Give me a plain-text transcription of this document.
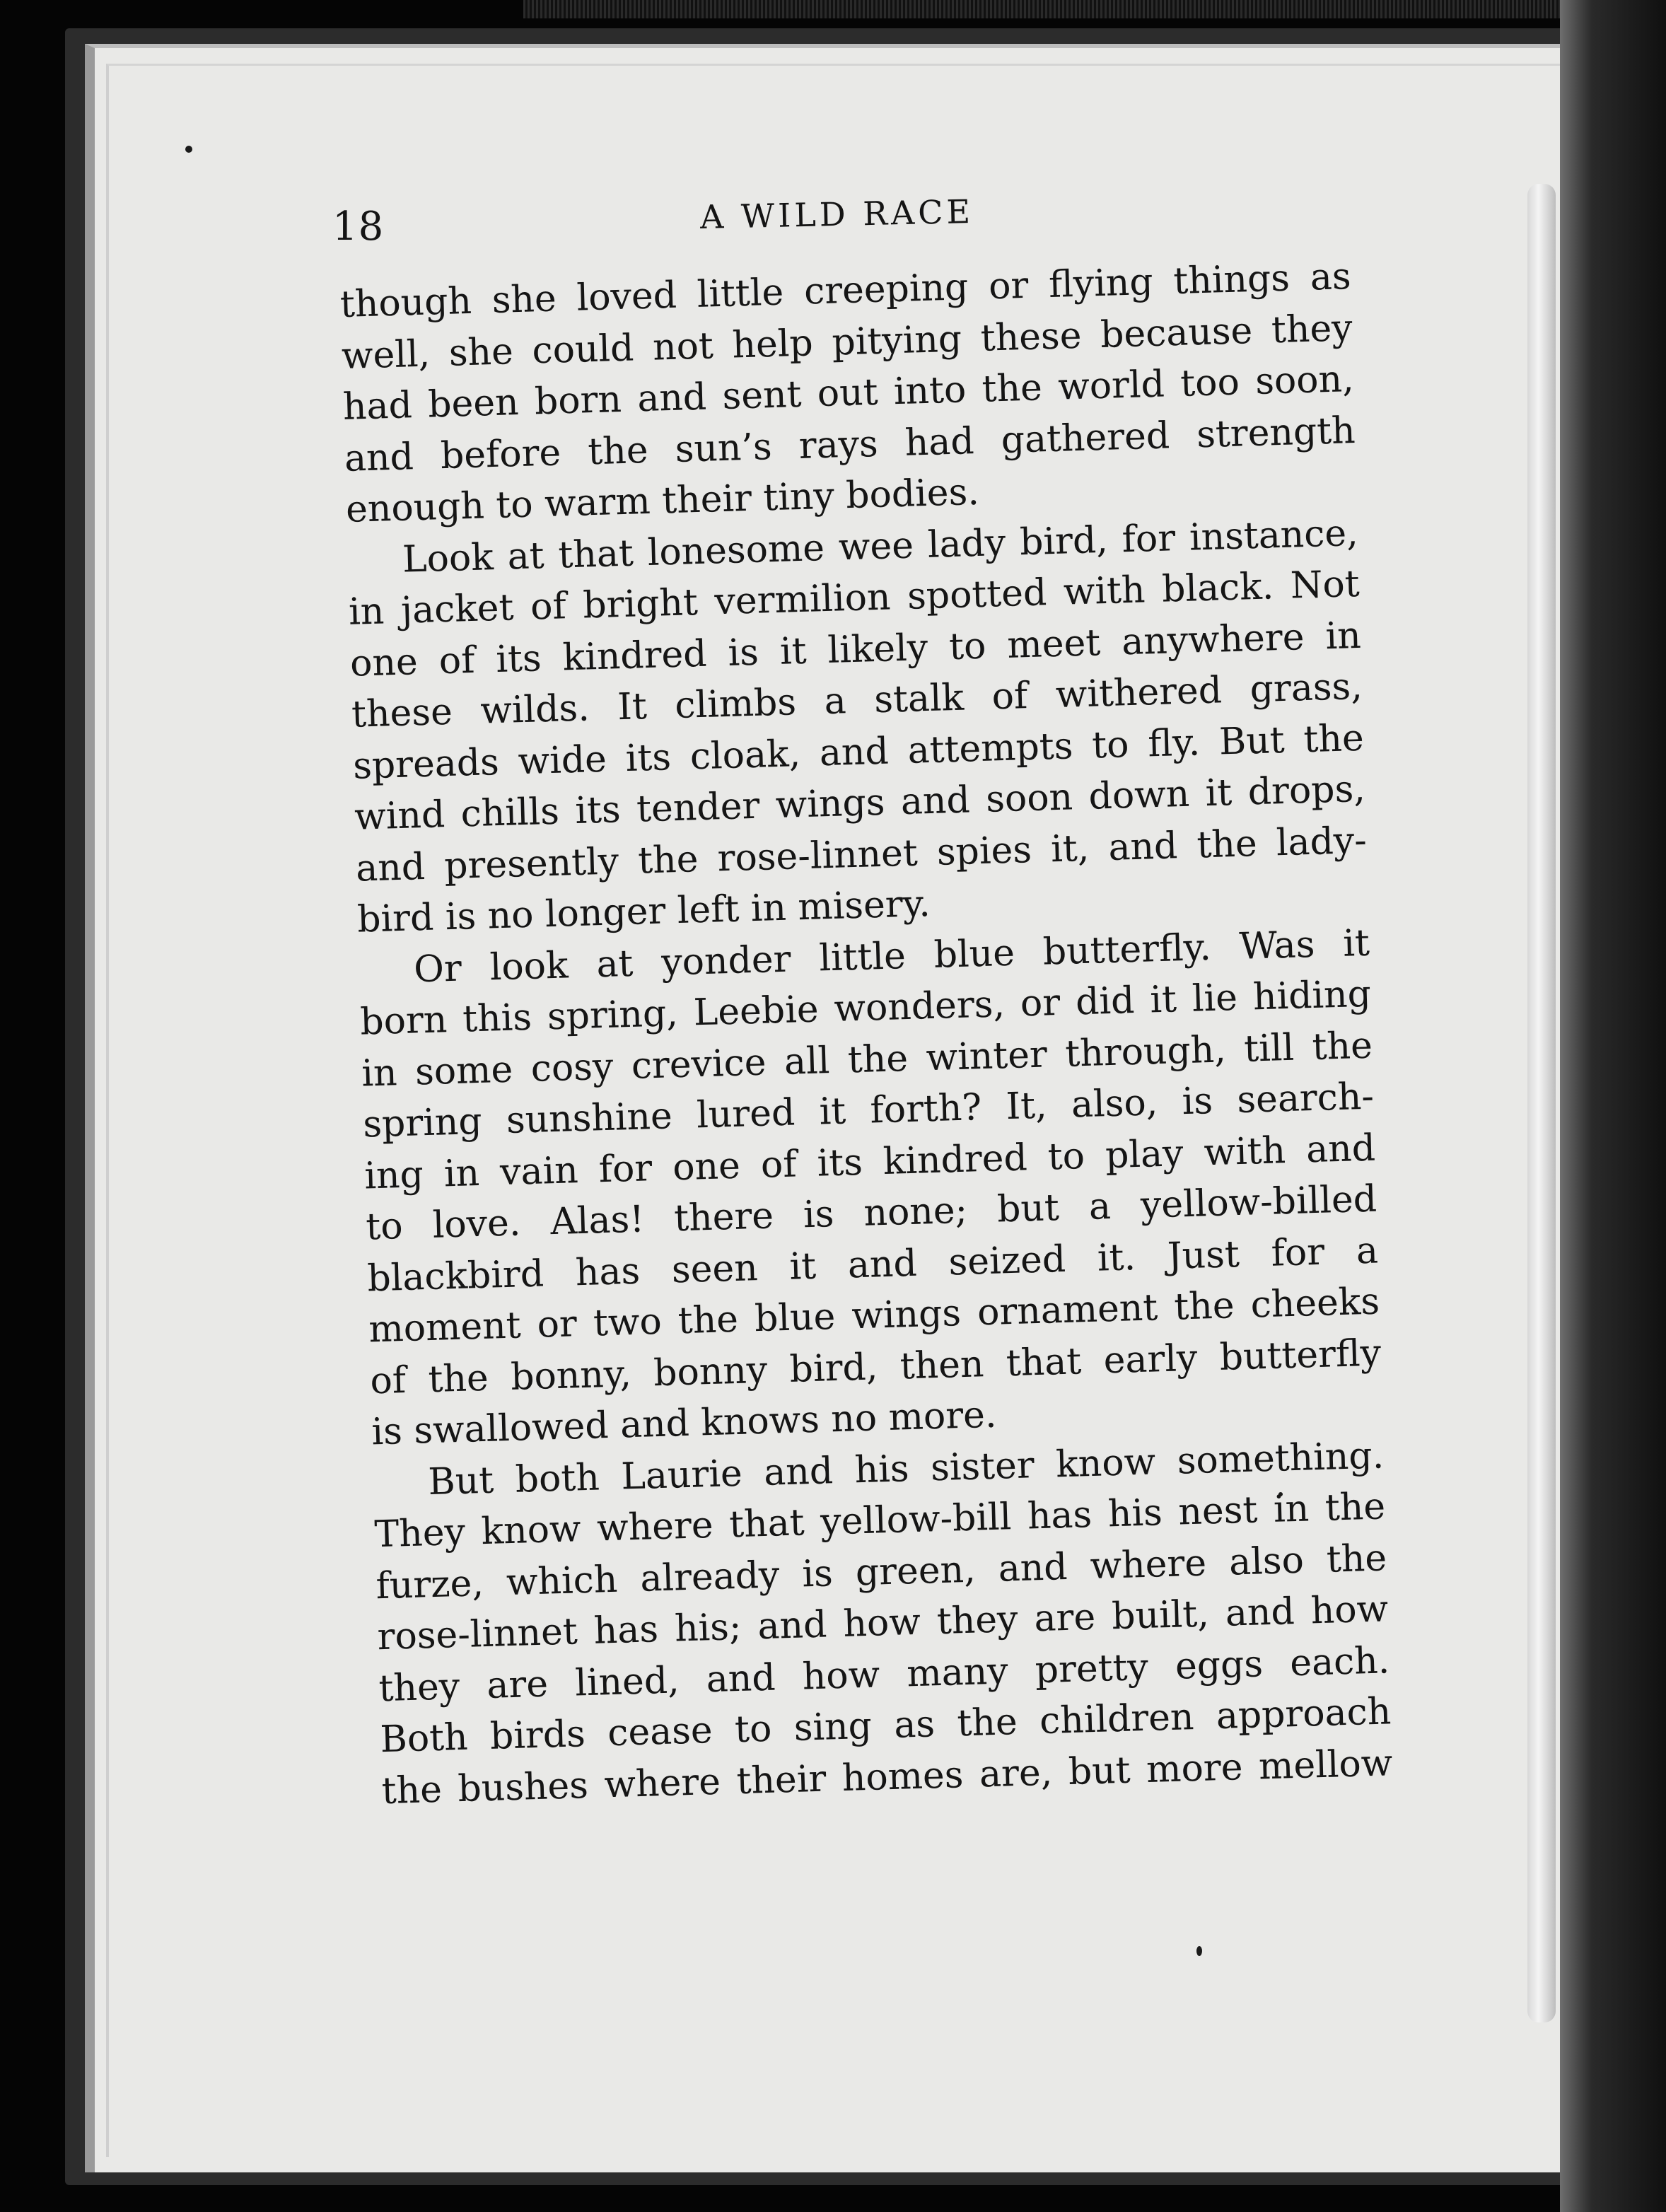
18	A WILD RACE
though she loved little creeping or flying things as
well, she could not help pitying these because they
had been born and sent out into the world too soon,
and before the sun’s rays had gathered strength
enough to warm their tiny bodies.
Look at that lonesome wee lady bird, for instance,
in jacket of bright vermilion spotted with black. Not
one of its kindred is it likely to meet anywhere in
these wilds. It climbs a stalk of withered grass,
spreads wide its cloak, and attempts to fly. But the
wind chills its tender wings and soon down it drops,
and presently the rose-linnet spies it, and the lady-
bird is no longer left in misery.
Or look at yonder little blue butterfly. Was it
born this spring, Leebie wonders, or did it lie hiding
in some cosy crevice all the winter through, till the
spring sunshine lured it forth? It, also, is search-
ing in vain for one of its kindred to play with and
to love. Alas! there is none; but a yellow-billed
blackbird has seen it and seized it. Just for a
moment or two the blue wings ornament the cheeks
of the bonny, bonny bird, then that early butterfly
is swallowed and knows no more.
But both Laurie and his sister know something.
They know where that yellow-bill has his nest in the
furze, which already is green, and where also the
rose-linnet has his; and how they are built, and how
they are lined, and how many pretty eggs each.
Both birds cease to sing as the children approach
the bushes where their homes are, but more mellow
